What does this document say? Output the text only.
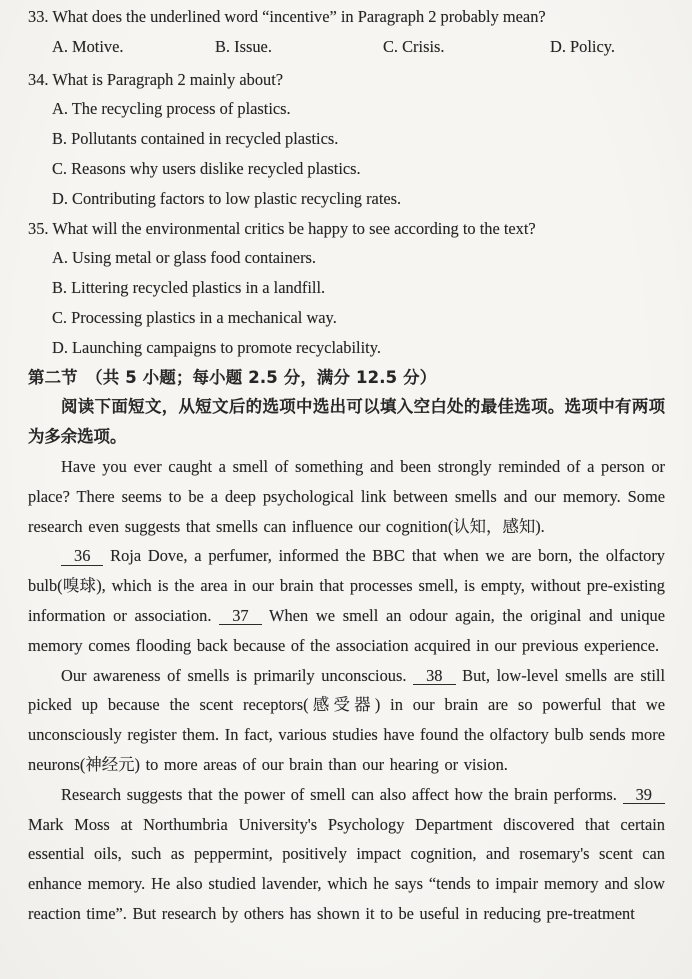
33. What does the underlined word “incentive” in Paragraph 2 probably mean?
A. Motive.	B. Issue.	C. Crisis.	D. Policy.
34. What is Paragraph 2 mainly about?
A. The recycling process of plastics.
B. Pollutants contained in recycled plastics.
C. Reasons why users dislike recycled plastics.
D. Contributing factors to low plastic recycling rates.
35. What will the environmental critics be happy to see according to the text?
A. Using metal or glass food containers.
B. Littering recycled plastics in a landfill.
C. Processing plastics in a mechanical way.
D. Launching campaigns to promote recyclability.
第二节　（共 5 小题；每小题 2.5 分，满分 12.5 分）

阅读下面短文，从短文后的选项中选出可以填入空白处的最佳选项。选项中有两项为多余选项。

Have you ever caught a smell of something and been strongly reminded of a person or place? There seems to be a deep psychological link between smells and our memory. Some research even suggests that smells can influence our cognition(认知，感知).

36 Roja Dove, a perfumer, informed the BBC that when we are born, the olfactory bulb(嗅球), which is the area in our brain that processes smell, is empty, without pre-existing information or association. 37 When we smell an odour again, the original and unique memory comes flooding back because of the association acquired in our previous experience.

Our awareness of smells is primarily unconscious. 38 But, low-level smells are still picked up because the scent receptors(感受器) in our brain are so powerful that we unconsciously register them. In fact, various studies have found the olfactory bulb sends more neurons(神经元) to more areas of our brain than our hearing or vision.

Research suggests that the power of smell can also affect how the brain performs. 39 Mark Moss at Northumbria University's Psychology Department discovered that certain essential oils, such as peppermint, positively impact cognition, and rosemary's scent can enhance memory. He also studied lavender, which he says “tends to impair memory and slow reaction time”. But research by others has shown it to be useful in reducing pre-treatment
